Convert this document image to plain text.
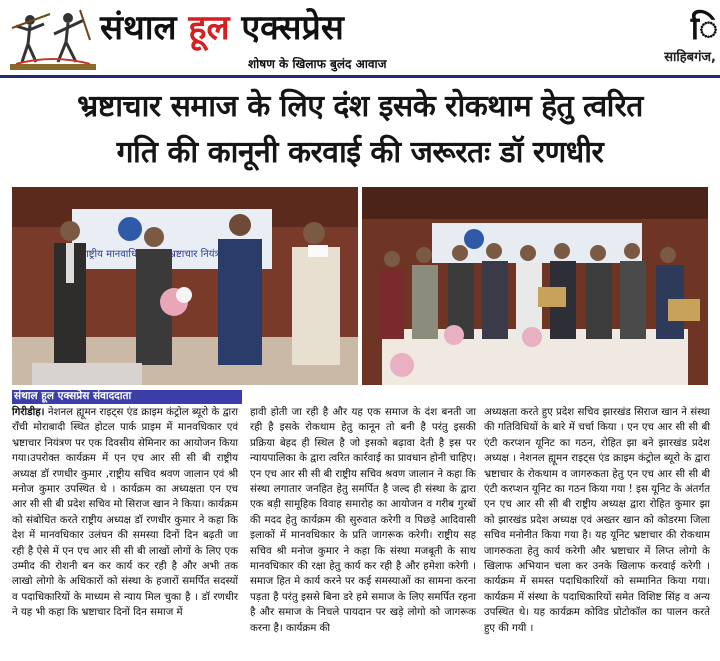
संथाल हूल एक्सप्रेस
शोषण के खिलाफ बुलंद आवाज
ि
साहिबगंज,
भ्रष्टाचार समाज के लिए दंश इसके रोकथाम हेतु त्वरित
गति की कानूनी करवाई की जरूरतः डॉ रणधीर
राष्ट्रीय मानवाधिकार भ्रष्टाचार नियंत्रण
संथाल हूल एक्सप्रेस संवाददाता
गिरीडीह। नेशनल ह्यूमन राइट्स एंड क्राइम कंट्रोल ब्यूरो के द्वारा राँची मोराबादी स्थित होटल पार्क प्राइम में मानवधिकार एवं भ्रष्टाचार नियंत्रण पर एक दिवसीय सेमिनार का आयोजन किया गया।उपरोक्त कार्यक्रम में एन एच आर सी सी बी राष्ट्रीय अध्यक्ष डॉ रणधीर कुमार ,राष्ट्रीय सचिव श्रवण जालान एवं श्री मनोज कुमार उपस्थित थे । कार्यक्रम का अध्यक्षता एन एच आर सी सी बी प्रदेश सचिव मो सिराज खान ने किया। कार्यक्रम को संबोधित करते राष्ट्रीय अध्यक्ष डॉ रणधीर कुमार ने कहा कि देश में मानवधिकार उलंघन की समस्या दिनों दिन बढ़ती जा रही है ऐसे में एन एच आर सी सी बी लाखों लोगों के लिए एक उम्मीद की रोशनी बन कर कार्य कर रही है और अभी तक लाखो लोगो के अधिकारों को संस्था के हजारों समर्पित सदस्यों व पदाधिकारियों के माध्यम से न्याय मिल चुका है । डॉ रणधीर ने यह भी कहा कि भ्रष्टाचार दिनों दिन समाज में
हावी होती जा रही है और यह एक समाज के दंश बनती जा रही है इसके रोकथाम हेतु कानून तो बनी है परंतु इसकी प्रक्रिया बेहद ही स्थिल है जो इसको बढ़ावा देती है इस पर न्यायपालिका के द्वारा त्वरित कार्रवाई का प्रावधान होनी चाहिए।एन एच आर सी सी बी राष्ट्रीय सचिव श्रवण जालान ने कहा कि संस्था लगातार जनहित हेतु समर्पित है जल्द ही संस्था के द्वारा एक बड़ी सामूहिक विवाह समारोह का आयोजन व गरीब गुरबों की मदद हेतु कार्यक्रम की सुरुवात करेगी व पिछड़े आदिवासी इलाकों में मानवधिकार के प्रति जागरूक करेगी। राष्ट्रीय सह सचिव श्री मनोज कुमार ने कहा कि संस्था मजबूती के साथ मानवधिकार की रक्षा हेतु कार्य कर रही है और हमेशा करेगी । समाज हित मे कार्य करने पर कई समस्याओं का सामना करना पड़ता है परंतु इससे बिना डरे हमे समाज के लिए समर्पित रहना है और समाज के निचले पायदान पर खड़े लोगो को जागरूक करना है। कार्यक्रम की
अध्यक्षता करते हुए प्रदेश सचिव झारखंड सिराज खान ने संस्था की गतिविधियों के बारे में चर्चा किया । एन एच आर सी सी बी एंटी करप्शन यूनिट का गठन, रोहित झा बने झारखंड प्रदेश अध्यक्ष । नेशनल ह्यूमन राइट्स एंड क्राइम कंट्रोल ब्यूरो के द्वारा भ्रष्टाचार के रोकथाम व जागरुकता हेतु एन एच आर सी सी बी एंटी करप्शन यूनिट का गठन किया गया ! इस यूनिट के अंतर्गत एन एच आर सी सी बी राष्ट्रीय अध्यक्ष द्वारा रोहित कुमार झा को झारखंड प्रदेश अध्यक्ष एवं अख्तर खान को कोडरमा जिला सचिव मनोनीत किया गया है। यह यूनिट भ्रष्टाचार की रोकथाम जागरुकता हेतु कार्य करेगी और भ्रष्टाचार में लिप्त लोगो के खिलाफ अभियान चला कर उनके खिलाफ करवाई करेगी ।कार्यक्रम में समस्त पदाधिकारियों को सम्मानित किया गया।कार्यक्रम में संस्था के पदाधिकारियों समेत विशिष्ट सिंह व अन्य उपस्थित थे। यह कार्यक्रम कोविड प्रोटोकॉल का पालन करते हुए की गयी ।
